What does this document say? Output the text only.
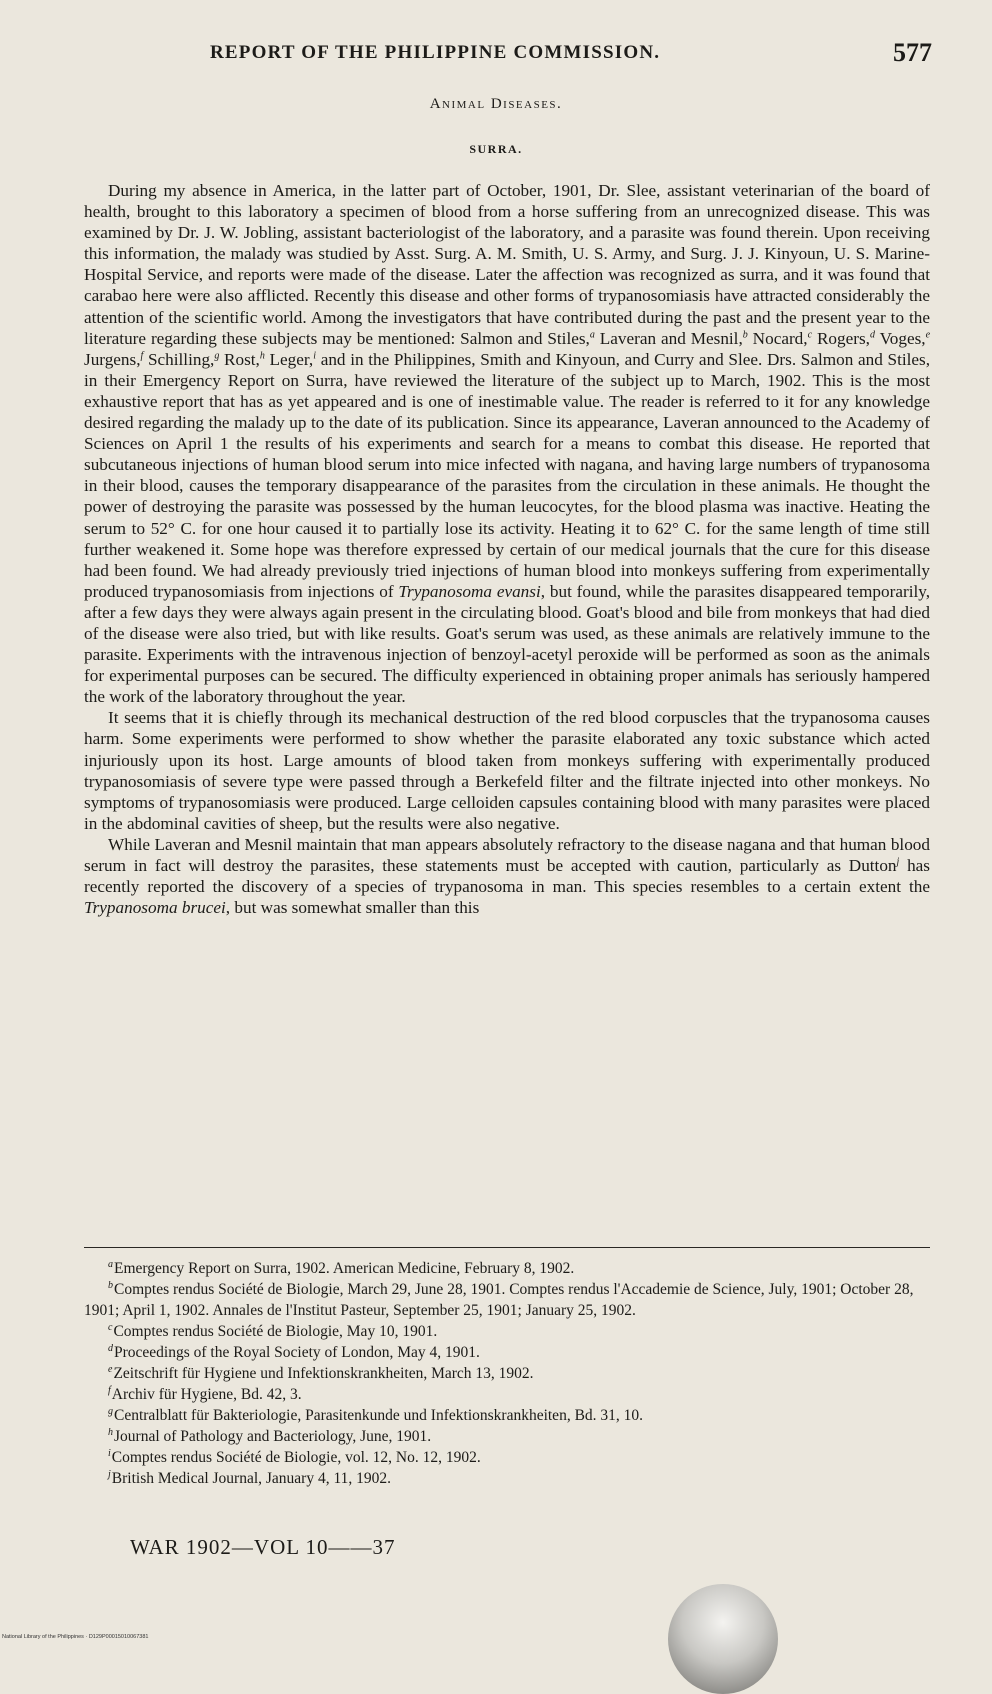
REPORT OF THE PHILIPPINE COMMISSION.	577
Animal Diseases.
SURRA.

During my absence in America, in the latter part of October, 1901, Dr. Slee, assistant veterinarian of the board of health, brought to this laboratory a specimen of blood from a horse suffering from an unrecognized disease. This was examined by Dr. J. W. Jobling, assistant bacteriologist of the laboratory, and a parasite was found therein. Upon receiving this information, the malady was studied by Asst. Surg. A. M. Smith, U. S. Army, and Surg. J. J. Kinyoun, U. S. Marine-Hospital Service, and reports were made of the disease. Later the affection was recognized as surra, and it was found that carabao here were also afflicted. Recently this disease and other forms of trypanosomiasis have attracted considerably the attention of the scientific world. Among the investigators that have contributed during the past and the present year to the literature regarding these subjects may be mentioned: Salmon and Stiles,$^a$ Laveran and Mesnil,$^b$ Nocard,$^c$ Rogers,$^d$ Voges,$^e$ Jurgens,$^f$ Schilling,$^g$ Rost,$^h$ Leger,$^i$ and in the Philippines, Smith and Kinyoun, and Curry and Slee. Drs. Salmon and Stiles, in their Emergency Report on Surra, have reviewed the literature of the subject up to March, 1902. This is the most exhaustive report that has as yet appeared and is one of inestimable value. The reader is referred to it for any knowledge desired regarding the malady up to the date of its publication. Since its appearance, Laveran announced to the Academy of Sciences on April 1 the results of his experiments and search for a means to combat this disease. He reported that subcutaneous injections of human blood serum into mice infected with nagana, and having large numbers of trypanosoma in their blood, causes the temporary disappearance of the parasites from the circulation in these animals. He thought the power of destroying the parasite was possessed by the human leucocytes, for the blood plasma was inactive. Heating the serum to 52° C. for one hour caused it to partially lose its activity. Heating it to 62° C. for the same length of time still further weakened it. Some hope was therefore expressed by certain of our medical journals that the cure for this disease had been found. We had already previously tried injections of human blood into monkeys suffering from experimentally produced trypanosomiasis from injections of Trypanosoma evansi, but found, while the parasites disappeared temporarily, after a few days they were always again present in the circulating blood. Goat's blood and bile from monkeys that had died of the disease were also tried, but with like results. Goat's serum was used, as these animals are relatively immune to the parasite. Experiments with the intravenous injection of benzoyl-acetyl peroxide will be performed as soon as the animals for experimental purposes can be secured. The difficulty experienced in obtaining proper animals has seriously hampered the work of the laboratory throughout the year.

It seems that it is chiefly through its mechanical destruction of the red blood corpuscles that the trypanosoma causes harm. Some experiments were performed to show whether the parasite elaborated any toxic substance which acted injuriously upon its host. Large amounts of blood taken from monkeys suffering with experimentally produced trypanosomiasis of severe type were passed through a Berkefeld filter and the filtrate injected into other monkeys. No symptoms of trypanosomiasis were produced. Large celloiden capsules containing blood with many parasites were placed in the abdominal cavities of sheep, but the results were also negative.

While Laveran and Mesnil maintain that man appears absolutely refractory to the disease nagana and that human blood serum in fact will destroy the parasites, these statements must be accepted with caution, particularly as Dutton$^j$ has recently reported the discovery of a species of trypanosoma in man. This species resembles to a certain extent the Trypanosoma brucei, but was somewhat smaller than this

$^a$Emergency Report on Surra, 1902. American Medicine, February 8, 1902.

$^b$Comptes rendus Société de Biologie, March 29, June 28, 1901. Comptes rendus l'Accademie de Science, July, 1901; October 28, 1901; April 1, 1902. Annales de l'Institut Pasteur, September 25, 1901; January 25, 1902.

$^c$Comptes rendus Société de Biologie, May 10, 1901.

$^d$Proceedings of the Royal Society of London, May 4, 1901.

$^e$Zeitschrift für Hygiene und Infektionskrankheiten, March 13, 1902.

$^f$Archiv für Hygiene, Bd. 42, 3.

$^g$Centralblatt für Bakteriologie, Parasitenkunde und Infektionskrankheiten, Bd. 31, 10.

$^h$Journal of Pathology and Bacteriology, June, 1901.

$^i$Comptes rendus Société de Biologie, vol. 12, No. 12, 1902.

$^j$British Medical Journal, January 4, 11, 1902.

WAR 1902—VOL 10——37
National Library of the Philippines · D129P00015010067381
